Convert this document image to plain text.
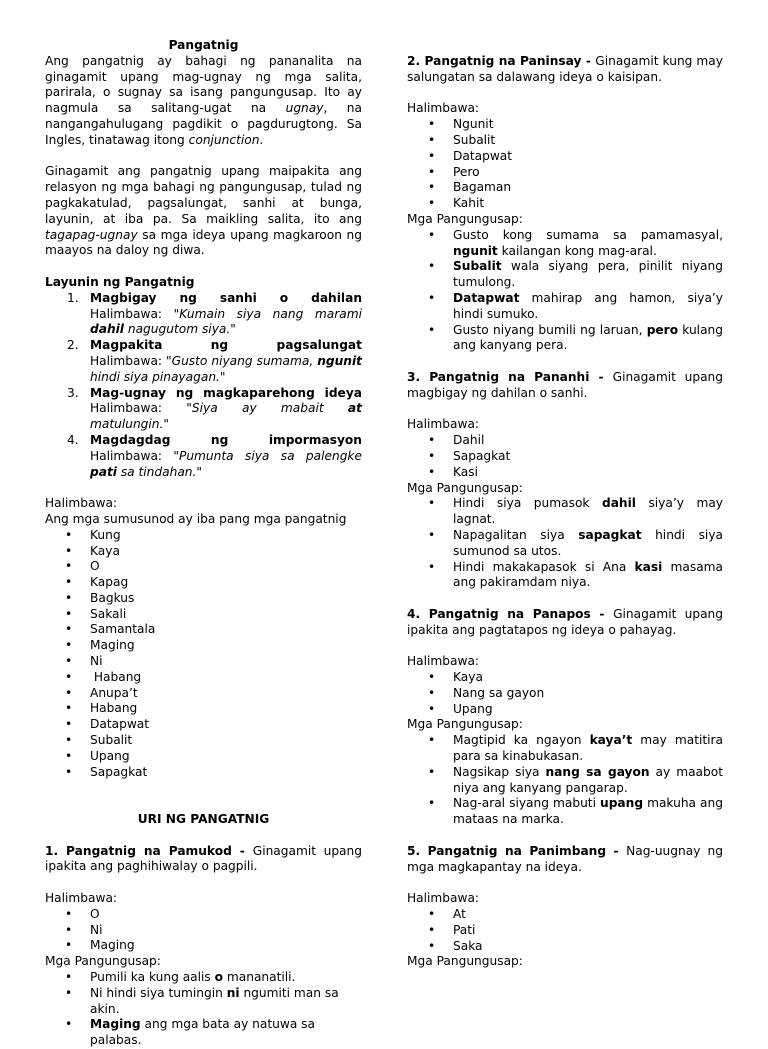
Pangatnig

Ang pangatnig ay bahagi ng pananalita na ginagamit upang mag-ugnay ng mga salita, parirala, o sugnay sa isang pangungusap. Ito ay nagmula sa salitang-ugat na ugnay, na nangangahulugang pagdikit o pagdurugtong. Sa Ingles, tinatawag itong conjunction.

Ginagamit ang pangatnig upang maipakita ang relasyon ng mga bahagi ng pangungusap, tulad ng pagkakatulad, pagsalungat, sanhi at bunga, layunin, at iba pa. Sa maikling salita, ito ang tagapag-ugnay sa mga ideya upang magkaroon ng maayos na daloy ng diwa.

Layunin ng Pangatnig

1. Magbigay ng sanhi o dahilan
Halimbawa: "Kumain siya nang marami dahil nagugutom siya."
2. Magpakita	ng	pagsalungat
Halimbawa: "Gusto niyang sumama, ngunit hindi siya pinayagan."
3. Mag-ugnay ng magkaparehong ideya
Halimbawa: "Siya ay mabait at matulungin."
4. Magdagdag	ng	impormasyon
Halimbawa: "Pumunta siya sa palengke pati sa tindahan."

Halimbawa:

Ang mga sumusunod ay iba pang mga pangatnig

• Kung
• Kaya
• O
• Kapag
• Bagkus
• Sakali
• Samantala
• Maging
• Ni
•  Habang
• Anupa’t
• Habang
• Datapwat
• Subalit
• Upang
• Sapagkat

URI NG PANGATNIG

1. Pangatnig na Pamukod - Ginagamit upang ipakita ang paghihiwalay o pagpili.

Halimbawa:

• O
• Ni
• Maging

Mga Pangungusap:

• Pumili ka kung aalis o mananatili.
• Ni hindi siya tumingin ni ngumiti man sa akin.
• Maging ang mga bata ay natuwa sa palabas.

2. Pangatnig na Paninsay - Ginagamit kung may salungatan sa dalawang ideya o kaisipan.

Halimbawa:

• Ngunit
• Subalit
• Datapwat
• Pero
• Bagaman
• Kahit

Mga Pangungusap:

• Gusto kong sumama sa pamamasyal, ngunit kailangan kong mag-aral.
• Subalit wala siyang pera, pinilit niyang tumulong.
• Datapwat mahirap ang hamon, siya’y hindi sumuko.
• Gusto niyang bumili ng laruan, pero kulang ang kanyang pera.

3. Pangatnig na Pananhi - Ginagamit upang magbigay ng dahilan o sanhi.

Halimbawa:

• Dahil
• Sapagkat
• Kasi

Mga Pangungusap:

• Hindi siya pumasok dahil siya’y may lagnat.
• Napagalitan siya sapagkat hindi siya sumunod sa utos.
• Hindi makakapasok si Ana kasi masama ang pakiramdam niya.

4. Pangatnig na Panapos - Ginagamit upang ipakita ang pagtatapos ng ideya o pahayag.

Halimbawa:

• Kaya
• Nang sa gayon
• Upang

Mga Pangungusap:

• Magtipid ka ngayon kaya’t may matitira para sa kinabukasan.
• Nagsikap siya nang sa gayon ay maabot niya ang kanyang pangarap.
• Nag-aral siyang mabuti upang makuha ang mataas na marka.

5. Pangatnig na Panimbang - Nag-uugnay ng mga magkapantay na ideya.

Halimbawa:

• At
• Pati
• Saka

Mga Pangungusap:
